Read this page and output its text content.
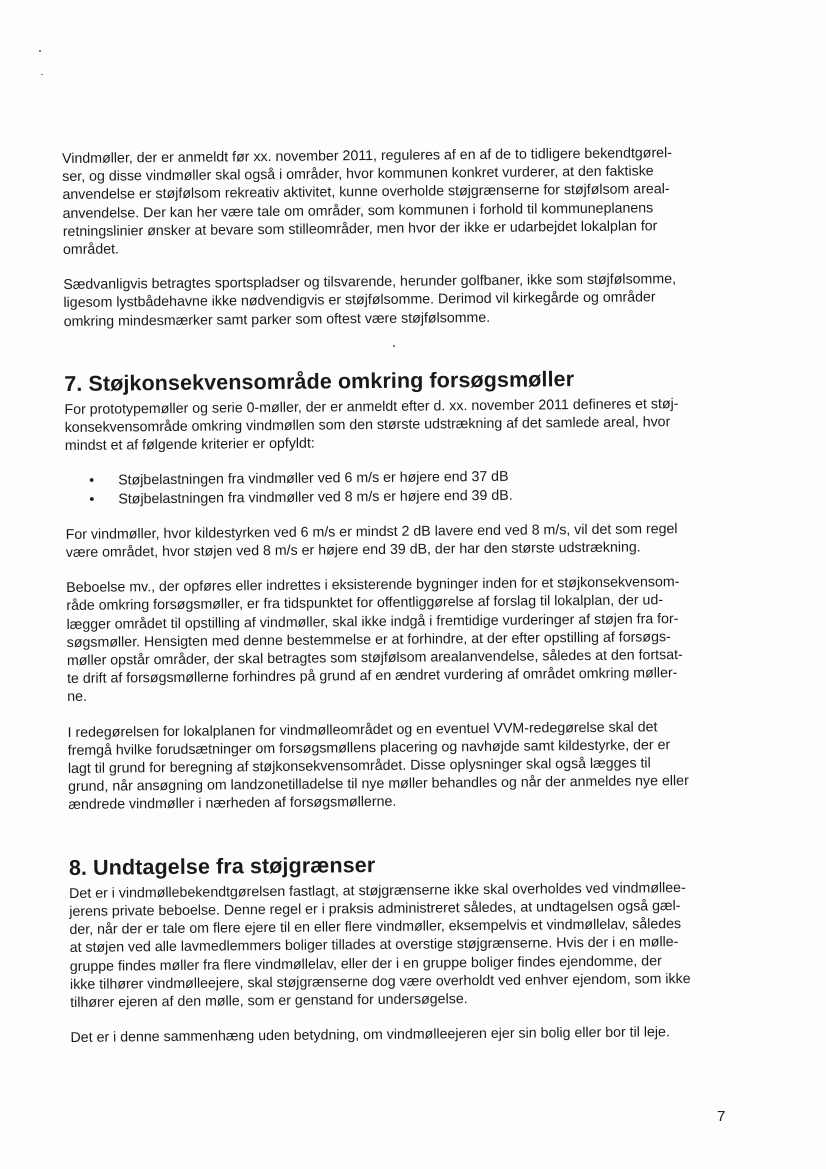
Vindmøller, der er anmeldt før xx. november 2011, reguleres af en af de to tidligere bekendtgørel-
ser, og disse vindmøller skal også i områder, hvor kommunen konkret vurderer, at den faktiske
anvendelse er støjfølsom rekreativ aktivitet, kunne overholde støjgrænserne for støjfølsom areal-
anvendelse. Der kan her være tale om områder, som kommunen i forhold til kommuneplanens
retningslinier ønsker at bevare som stilleområder, men hvor der ikke er udarbejdet lokalplan for
området.

Sædvanligvis betragtes sportspladser og tilsvarende, herunder golfbaner, ikke som støjfølsomme,
ligesom lystbådehavne ikke nødvendigvis er støjfølsomme. Derimod vil kirkegårde og områder
omkring mindesmærker samt parker som oftest være støjfølsomme.

7. Støjkonsekvensområde omkring forsøgsmøller

For prototypemøller og serie 0-møller, der er anmeldt efter d. xx. november 2011 defineres et støj-
konsekvensområde omkring vindmøllen som den største udstrækning af det samlede areal, hvor
mindst et af følgende kriterier er opfyldt:

• Støjbelastningen fra vindmøller ved 6 m/s er højere end 37 dB
• Støjbelastningen fra vindmøller ved 8 m/s er højere end 39 dB.

For vindmøller, hvor kildestyrken ved 6 m/s er mindst 2 dB lavere end ved 8 m/s, vil det som regel
være området, hvor støjen ved 8 m/s er højere end 39 dB, der har den største udstrækning.

Beboelse mv., der opføres eller indrettes i eksisterende bygninger inden for et støjkonsekvensom-
råde omkring forsøgsmøller, er fra tidspunktet for offentliggørelse af forslag til lokalplan, der ud-
lægger området til opstilling af vindmøller, skal ikke indgå i fremtidige vurderinger af støjen fra for-
søgsmøller. Hensigten med denne bestemmelse er at forhindre, at der efter opstilling af forsøgs-
møller opstår områder, der skal betragtes som støjfølsom arealanvendelse, således at den fortsat-
te drift af forsøgsmøllerne forhindres på grund af en ændret vurdering af området omkring møller-
ne.

I redegørelsen for lokalplanen for vindmølleområdet og en eventuel VVM-redegørelse skal det
fremgå hvilke forudsætninger om forsøgsmøllens placering og navhøjde samt kildestyrke, der er
lagt til grund for beregning af støjkonsekvensområdet. Disse oplysninger skal også lægges til
grund, når ansøgning om landzonetilladelse til nye møller behandles og når der anmeldes nye eller
ændrede vindmøller i nærheden af forsøgsmøllerne.

8. Undtagelse fra støjgrænser

Det er i vindmøllebekendtgørelsen fastlagt, at støjgrænserne ikke skal overholdes ved vindmøllee-
jerens private beboelse. Denne regel er i praksis administreret således, at undtagelsen også gæl-
der, når der er tale om flere ejere til en eller flere vindmøller, eksempelvis et vindmøllelav, således
at støjen ved alle lavmedlemmers boliger tillades at overstige støjgrænserne. Hvis der i en mølle-
gruppe findes møller fra flere vindmøllelav, eller der i en gruppe boliger findes ejendomme, der
ikke tilhører vindmølleejere, skal støjgrænserne dog være overholdt ved enhver ejendom, som ikke
tilhører ejeren af den mølle, som er genstand for undersøgelse.

Det er i denne sammenhæng uden betydning, om vindmølleejeren ejer sin bolig eller bor til leje.

7
